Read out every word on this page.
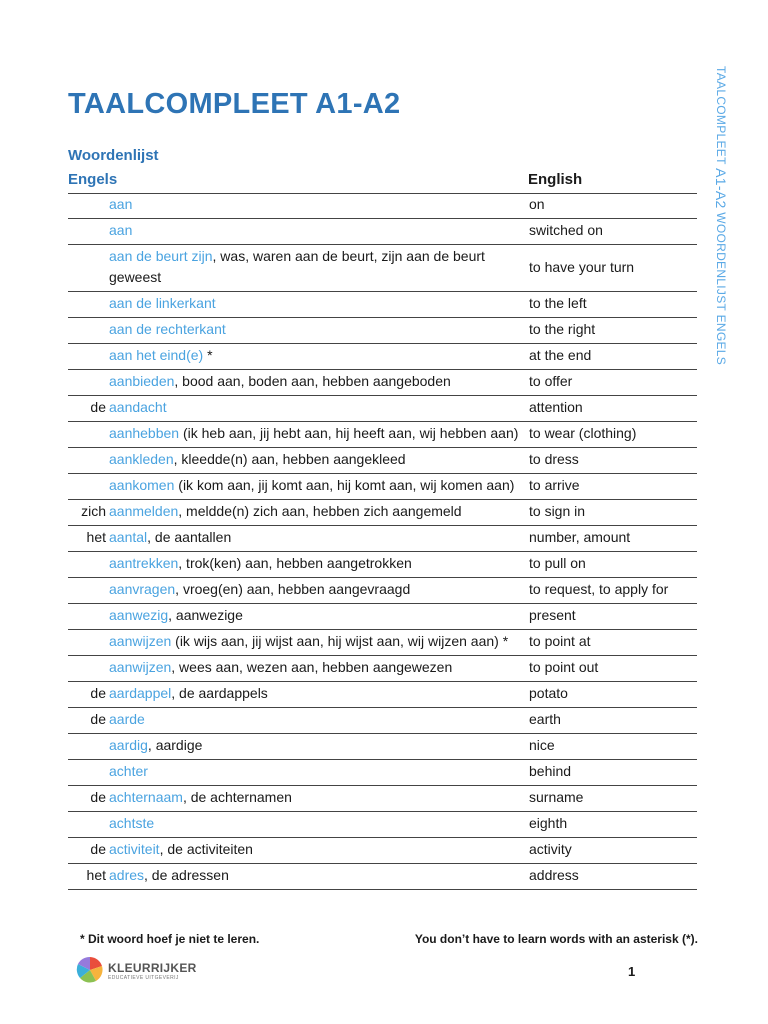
TAALCOMPLEET A1-A2
Woordenlijst	TAALCOMPLEET A1-A2 WOORDENLIJST ENGELS
Engels	English
	aan	on
	aan	switched on
	aan de beurt zijn, was, waren aan de beurt, zijn aan de beurt geweest	to have your turn
	aan de linkerkant	to the left
	aan de rechterkant	to the right
	aan het eind(e) *	at the end
	aanbieden, bood aan, boden aan, hebben aangeboden	to offer
de	aandacht	attention
	aanhebben (ik heb aan, jij hebt aan, hij heeft aan, wij hebben aan)	to wear (clothing)
	aankleden, kleedde(n) aan, hebben aangekleed	to dress
	aankomen (ik kom aan, jij komt aan, hij komt aan, wij komen aan)	to arrive
zich	aanmelden, meldde(n) zich aan, hebben zich aangemeld	to sign in
het	aantal, de aantallen	number, amount
	aantrekken, trok(ken) aan, hebben aangetrokken	to pull on
	aanvragen, vroeg(en) aan, hebben aangevraagd	to request, to apply for
	aanwezig, aanwezige	present
	aanwijzen (ik wijs aan, jij wijst aan, hij wijst aan, wij wijzen aan) *	to point at
	aanwijzen, wees aan, wezen aan, hebben aangewezen	to point out
de	aardappel, de aardappels	potato
de	aarde	earth
	aardig, aardige	nice
	achter	behind
de	achternaam, de achternamen	surname
	achtste	eighth
de	activiteit, de activiteiten	activity
het	adres, de adressen	address
* Dit woord hoef je niet te leren.	You don’t have to learn words with an asterisk (*).
KLEURRIJKER
EDUCATIEVE UITGEVERIJ	1
